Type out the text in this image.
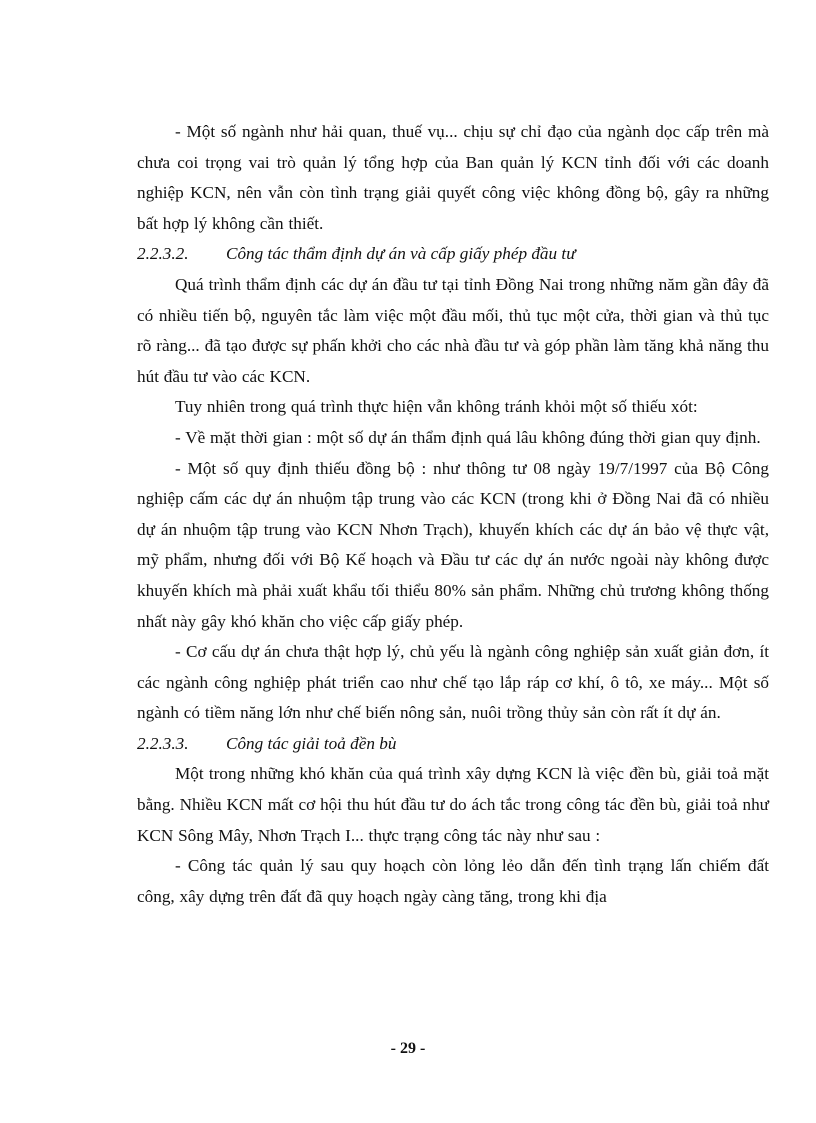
- Một số ngành như hải quan, thuế vụ... chịu sự chỉ đạo của ngành dọc cấp trên mà chưa coi trọng vai trò quản lý tổng hợp của Ban quản lý KCN tỉnh đối với các doanh nghiệp KCN, nên vẫn còn tình trạng giải quyết công việc không đồng bộ, gây ra những bất hợp lý không cần thiết.

2.2.3.2. Công tác thẩm định dự án và cấp giấy phép đầu tư

Quá trình thẩm định các dự án đầu tư tại tỉnh Đồng Nai trong những năm gần đây đã có nhiều tiến bộ, nguyên tắc làm việc một đầu mối, thủ tục một cửa, thời gian và thủ tục rõ ràng... đã tạo được sự phấn khởi cho các nhà đầu tư và góp phần làm tăng khả năng thu hút đầu tư vào các KCN.

Tuy nhiên trong quá trình thực hiện vẫn không tránh khỏi một số thiếu xót:

- Về mặt thời gian : một số dự án thẩm định quá lâu không đúng thời gian quy định.

- Một số quy định thiếu đồng bộ : như thông tư 08 ngày 19/7/1997 của Bộ Công nghiệp cấm các dự án nhuộm tập trung vào các KCN (trong khi ở Đồng Nai đã có nhiều dự án nhuộm tập trung vào KCN Nhơn Trạch), khuyến khích các dự án bảo vệ thực vật, mỹ phẩm, nhưng đối với Bộ Kế hoạch và Đầu tư các dự án nước ngoài này không được khuyến khích mà phải xuất khẩu tối thiểu 80% sản phẩm. Những chủ trương không thống nhất này gây khó khăn cho việc cấp giấy phép.

- Cơ cấu dự án chưa thật hợp lý, chủ yếu là ngành công nghiệp sản xuất giản đơn, ít các ngành công nghiệp phát triển cao như chế tạo lắp ráp cơ khí, ô tô, xe máy... Một số ngành có tiềm năng lớn như chế biến nông sản, nuôi trồng thủy sản còn rất ít dự án.

2.2.3.3. Công tác giải toả đền bù

Một trong những khó khăn của quá trình xây dựng KCN là việc đền bù, giải toả mặt bằng. Nhiều KCN mất cơ hội thu hút đầu tư do ách tắc trong công tác đền bù, giải toả như KCN Sông Mây, Nhơn Trạch I... thực trạng công tác này như sau :

- Công tác quản lý sau quy hoạch còn lỏng lẻo dẫn đến tình trạng lấn chiếm đất công, xây dựng trên đất đã quy hoạch ngày càng tăng, trong khi địa

- 29 -
